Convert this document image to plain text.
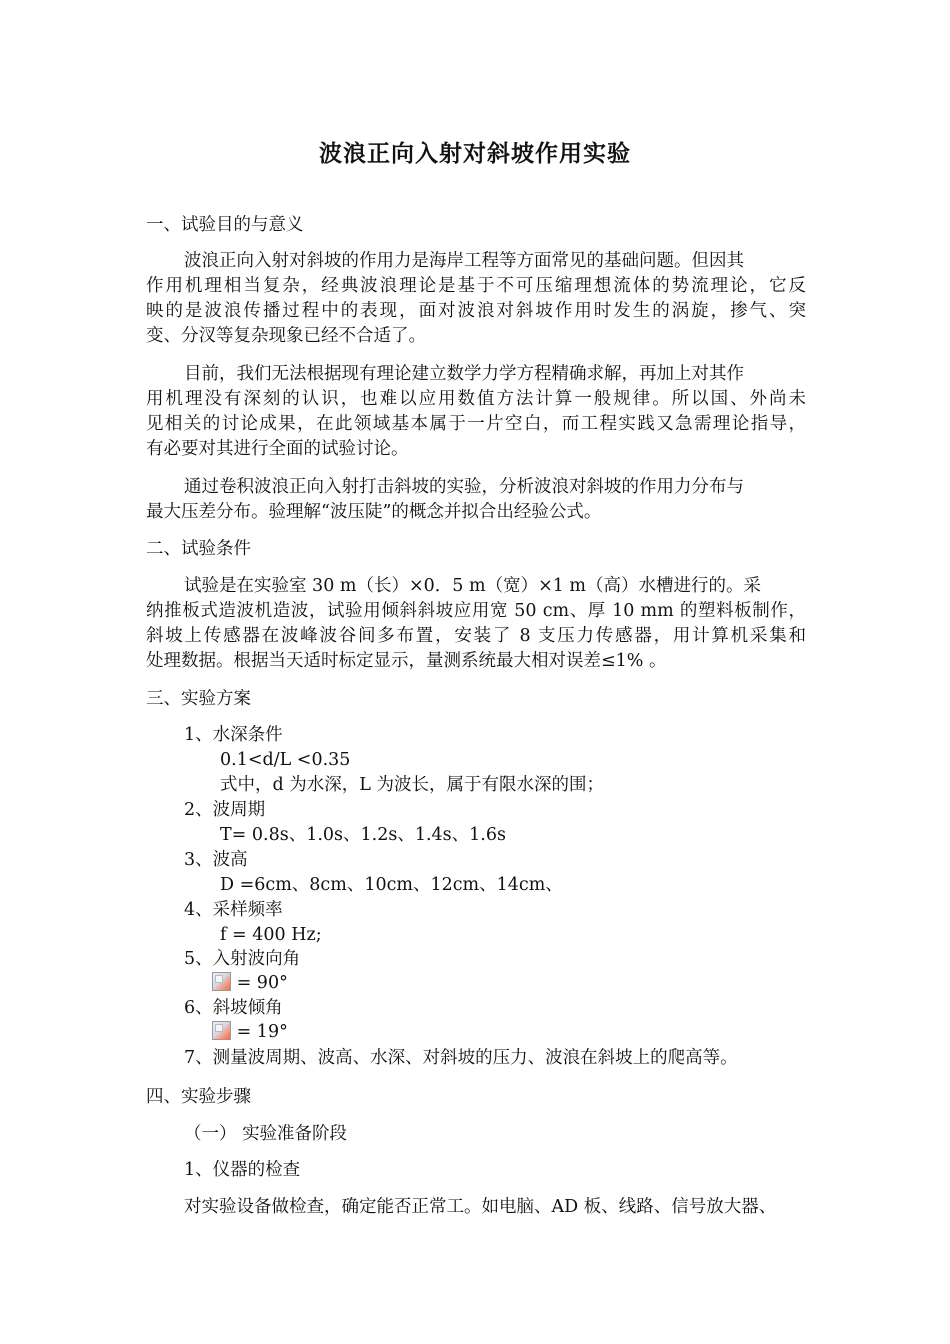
波浪正向入射对斜坡作用实验
一、试验目的与意义
波浪正向入射对斜坡的作用力是海岸工程等方面常见的基础问题。但因其
作用机理相当复杂，经典波浪理论是基于不可压缩理想流体的势流理论，它反
映的是波浪传播过程中的表现，面对波浪对斜坡作用时发生的涡旋，掺气、突
变、分汊等复杂现象已经不合适了。
目前，我们无法根据现有理论建立数学力学方程精确求解，再加上对其作
用机理没有深刻的认识，也难以应用数值方法计算一般规律。所以国、外尚未
见相关的讨论成果，在此领域基本属于一片空白，而工程实践又急需理论指导，
有必要对其进行全面的试验讨论。
通过卷积波浪正向入射打击斜坡的实验，分析波浪对斜坡的作用力分布与
最大压差分布。验理解“波压陡”的概念并拟合出经验公式。
二、试验条件
试验是在实验室 30 m（长）×0．5 m（宽）×1 m（高）水槽进行的。采
纳推板式造波机造波，试验用倾斜斜坡应用宽 50 cm、厚 10 mm 的塑料板制作，
斜坡上传感器在波峰波谷间多布置，安装了 8 支压力传感器，用计算机采集和
处理数据。根据当天适时标定显示，量测系统最大相对误差≤1% 。
三、实验方案
1、水深条件
0.1<d/L <0.35
式中，d 为水深，L 为波长，属于有限水深的围；
2、波周期
T= 0.8s、1.0s、1.2s、1.4s、1.6s
3、波高
D =6cm、8cm、10cm、12cm、14cm、
4、采样频率
f = 400 Hz;
5、入射波向角
= 90°
6、斜坡倾角
= 19°
7、测量波周期、波高、水深、对斜坡的压力、波浪在斜坡上的爬高等。
四、实验步骤
（一） 实验准备阶段
1、仪器的检查
对实验设备做检查，确定能否正常工。如电脑、AD 板、线路、信号放大器、
